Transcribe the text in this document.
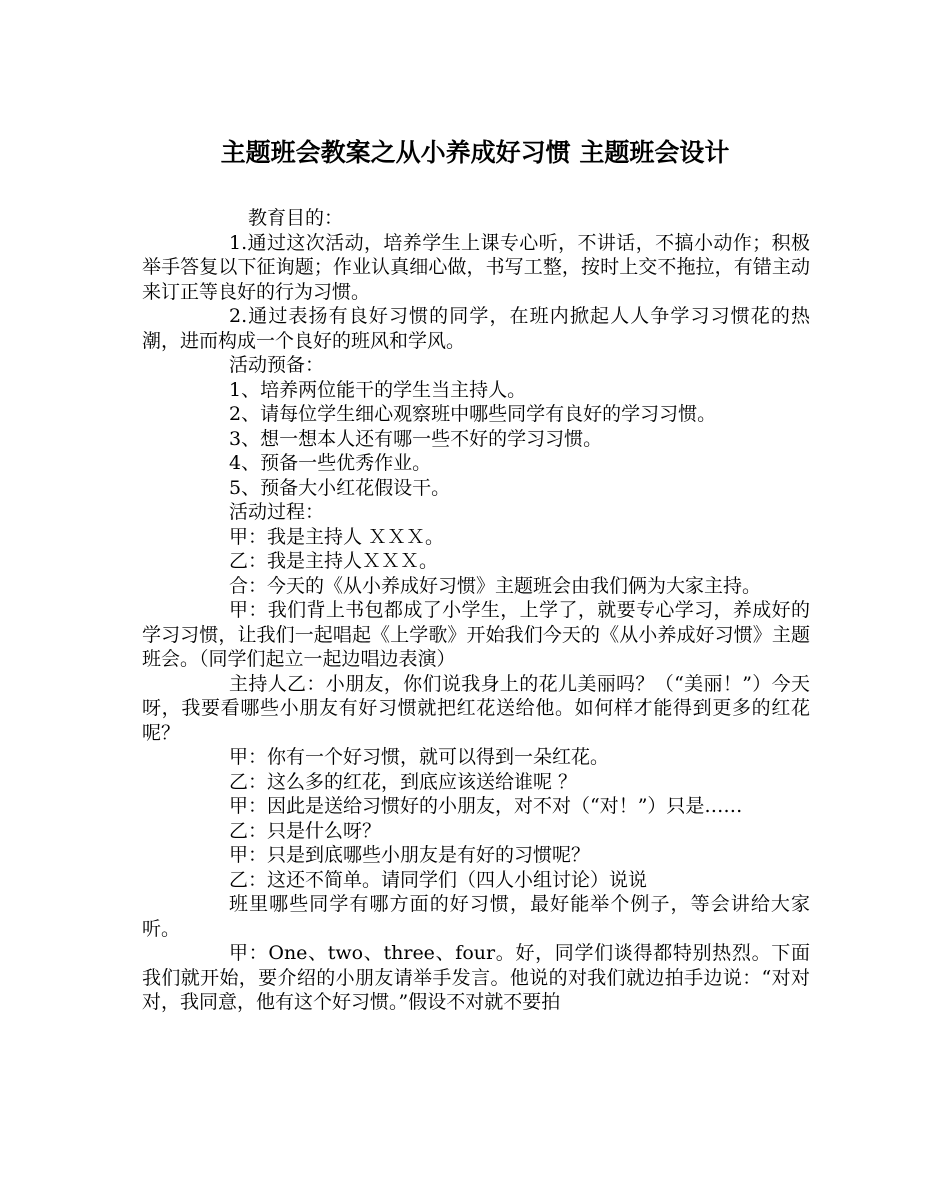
主题班会教案之从小养成好习惯 主题班会设计

教育目的：

1.通过这次活动，培养学生上课专心听，不讲话，不搞小动作；积极举手答复以下征询题；作业认真细心做，书写工整，按时上交不拖拉，有错主动来订正等良好的行为习惯。

2.通过表扬有良好习惯的同学，在班内掀起人人争学习习惯花的热潮，进而构成一个良好的班风和学风。

活动预备：

1、培养两位能干的学生当主持人。

2、请每位学生细心观察班中哪些同学有良好的学习习惯。

3、想一想本人还有哪一些不好的学习习惯。

4、预备一些优秀作业。

5、预备大小红花假设干。

活动过程：

甲：我是主持人 ＸＸＸ。

乙：我是主持人ＸＸＸ。

合：今天的《从小养成好习惯》主题班会由我们俩为大家主持。

甲：我们背上书包都成了小学生，上学了，就要专心学习，养成好的学习习惯，让我们一起唱起《上学歌》开始我们今天的《从小养成好习惯》主题班会。（同学们起立一起边唱边表演）

主持人乙：小朋友，你们说我身上的花儿美丽吗？（“美丽！”）今天呀，我要看哪些小朋友有好习惯就把红花送给他。如何样才能得到更多的红花呢？

甲：你有一个好习惯，就可以得到一朵红花。

乙：这么多的红花，到底应该送给谁呢 ？

甲：因此是送给习惯好的小朋友，对不对（“对！”）只是……

乙：只是什么呀？

甲：只是到底哪些小朋友是有好的习惯呢？

乙：这还不简单。请同学们（四人小组讨论）说说

班里哪些同学有哪方面的好习惯，最好能举个例子，等会讲给大家听。

甲：One、two、three、four。好，同学们谈得都特别热烈。下面我们就开始，要介绍的小朋友请举手发言。他说的对我们就边拍手边说：“对对对，我同意，他有这个好习惯。”假设不对就不要拍
